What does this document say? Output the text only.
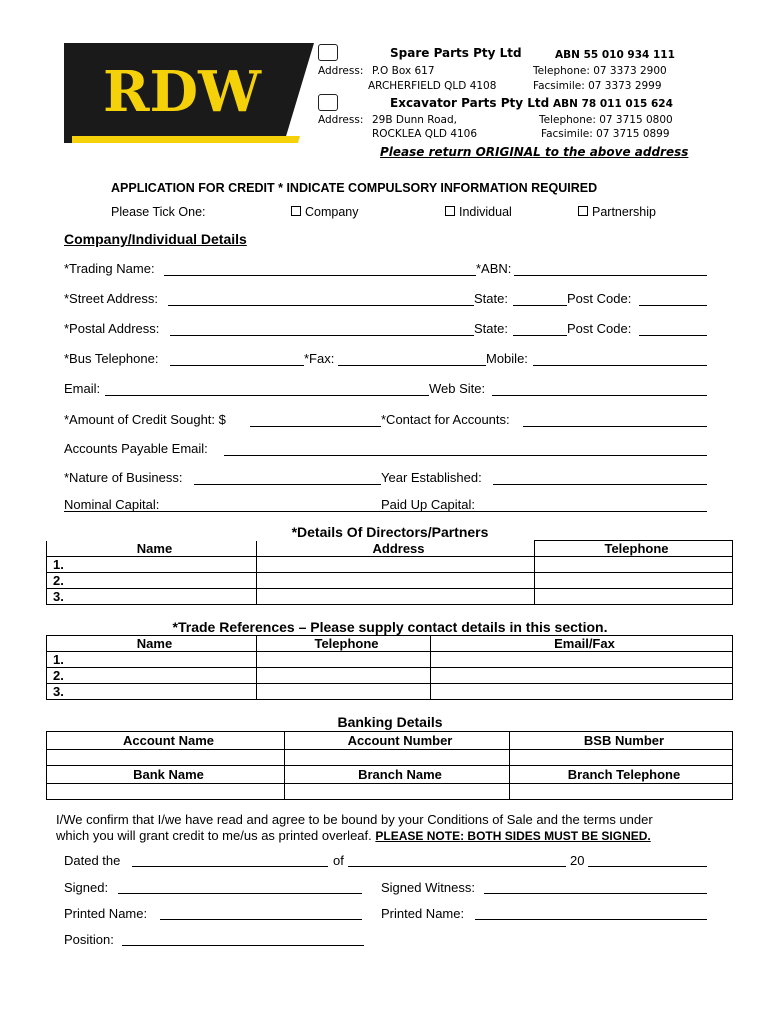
RDW
Spare Parts Pty Ltd	ABN 55 010 934 111
Address: P.O Box 617
ARCHERFIELD QLD 4108
Telephone: 07 3373 2900
Facsimile: 07 3373 2999
Excavator Parts Pty Ltd ABN 78 011 015 624
Address: 29B Dunn Road,
ROCKLEA QLD 4106
Telephone: 07 3715 0800
Facsimile: 07 3715 0899
Please return ORIGINAL to the above address
APPLICATION FOR CREDIT * INDICATE COMPULSORY INFORMATION REQUIRED
Please Tick One:	Company	Individual	Partnership
Company/Individual Details
*Trading Name:	*ABN:
*Street Address:	State:	Post Code:
*Postal Address:	State:	Post Code:
*Bus Telephone:	*Fax:	Mobile:
Email:	Web Site:
*Amount of Credit Sought: $	*Contact for Accounts:
Accounts Payable Email:
*Nature of Business:	Year Established:
Nominal Capital:	Paid Up Capital:
*Details Of Directors/Partners
Name	Address	Telephone
1.		
2.		
3.		
*Trade References – Please supply contact details in this section.
Name	Telephone	Email/Fax
1.		
2.		
3.		
Banking Details
Account Name	Account Number	BSB Number

Bank Name	Branch Name	Branch Telephone

I/We confirm that I/we have read and agree to be bound by your Conditions of Sale and the terms under
which you will grant credit to me/us as printed overleaf. PLEASE NOTE: BOTH SIDES MUST BE SIGNED.
Dated the	of	20
Signed:	Signed Witness:
Printed Name:	Printed Name:
Position:
